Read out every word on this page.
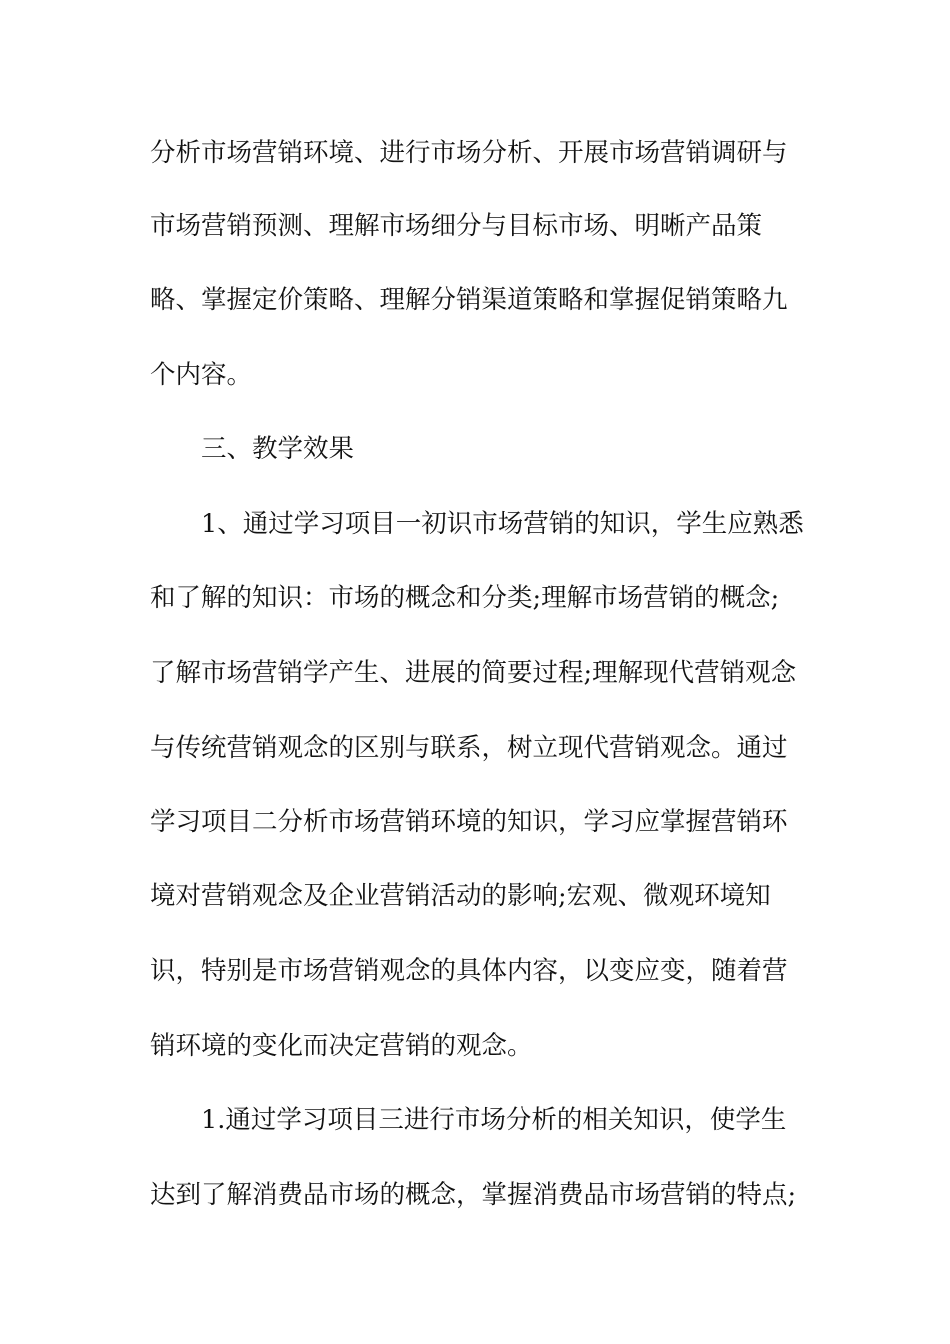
分析市场营销环境、进行市场分析、开展市场营销调研与
市场营销预测、理解市场细分与目标市场、明晰产品策
略、掌握定价策略、理解分销渠道策略和掌握促销策略九
个内容。
三、教学效果
1、通过学习项目一初识市场营销的知识，学生应熟悉
和了解的知识：市场的概念和分类;理解市场营销的概念;
了解市场营销学产生、进展的简要过程;理解现代营销观念
与传统营销观念的区别与联系，树立现代营销观念。通过
学习项目二分析市场营销环境的知识，学习应掌握营销环
境对营销观念及企业营销活动的影响;宏观、微观环境知
识，特别是市场营销观念的具体内容，以变应变，随着营
销环境的变化而决定营销的观念。
1.通过学习项目三进行市场分析的相关知识，使学生
达到了解消费品市场的概念，掌握消费品市场营销的特点;
